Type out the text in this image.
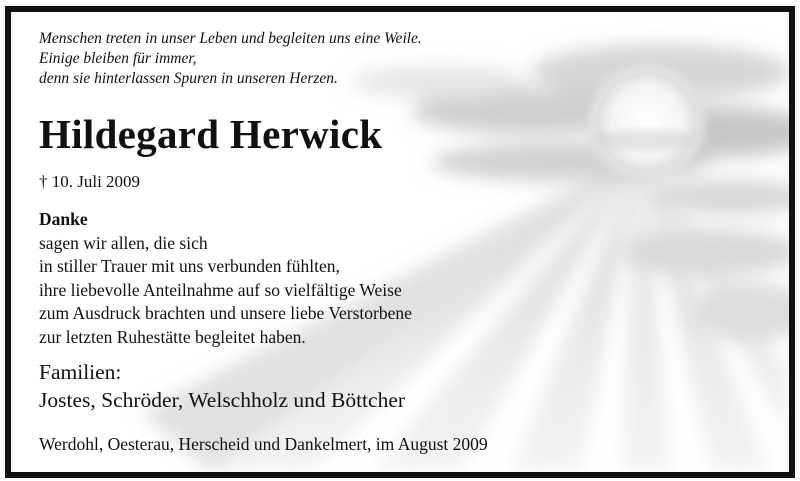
Menschen treten in unser Leben und begleiten uns eine Weile.
Einige bleiben für immer,
denn sie hinterlassen Spuren in unseren Herzen.
Hildegard Herwick
† 10. Juli 2009
Danke
sagen wir allen, die sich
in stiller Trauer mit uns verbunden fühlten,
ihre liebevolle Anteilnahme auf so vielfältige Weise
zum Ausdruck brachten und unsere liebe Verstorbene
zur letzten Ruhestätte begleitet haben.
Familien:
Jostes, Schröder, Welschholz und Böttcher
Werdohl, Oesterau, Herscheid und Dankelmert, im August 2009
